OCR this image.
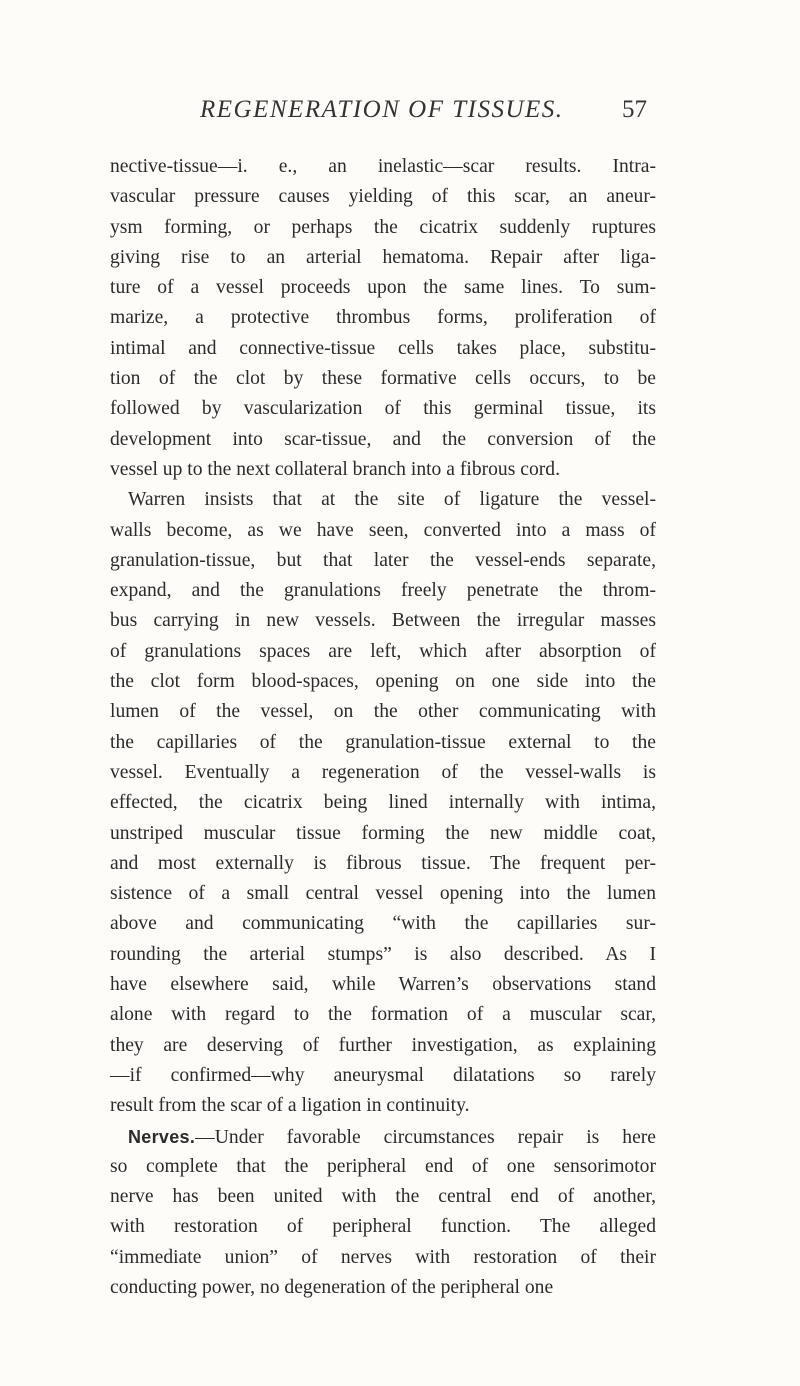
REGENERATION OF TISSUES. 57
nective-tissue—i. e., an inelastic—scar results. Intra-
vascular pressure causes yielding of this scar, an aneur-
ysm forming, or perhaps the cicatrix suddenly ruptures
giving rise to an arterial hematoma. Repair after liga-
ture of a vessel proceeds upon the same lines. To sum-
marize, a protective thrombus forms, proliferation of
intimal and connective-tissue cells takes place, substitu-
tion of the clot by these formative cells occurs, to be
followed by vascularization of this germinal tissue, its
development into scar-tissue, and the conversion of the
vessel up to the next collateral branch into a fibrous cord.
Warren insists that at the site of ligature the vessel-
walls become, as we have seen, converted into a mass of
granulation-tissue, but that later the vessel-ends separate,
expand, and the granulations freely penetrate the throm-
bus carrying in new vessels. Between the irregular masses
of granulations spaces are left, which after absorption of
the clot form blood-spaces, opening on one side into the
lumen of the vessel, on the other communicating with
the capillaries of the granulation-tissue external to the
vessel. Eventually a regeneration of the vessel-walls is
effected, the cicatrix being lined internally with intima,
unstriped muscular tissue forming the new middle coat,
and most externally is fibrous tissue. The frequent per-
sistence of a small central vessel opening into the lumen
above and communicating “with the capillaries sur-
rounding the arterial stumps” is also described. As I
have elsewhere said, while Warren’s observations stand
alone with regard to the formation of a muscular scar,
they are deserving of further investigation, as explaining
—if confirmed—why aneurysmal dilatations so rarely
result from the scar of a ligation in continuity.
Nerves.—Under favorable circumstances repair is here
so complete that the peripheral end of one sensorimotor
nerve has been united with the central end of another,
with restoration of peripheral function. The alleged
“immediate union” of nerves with restoration of their
conducting power, no degeneration of the peripheral one
